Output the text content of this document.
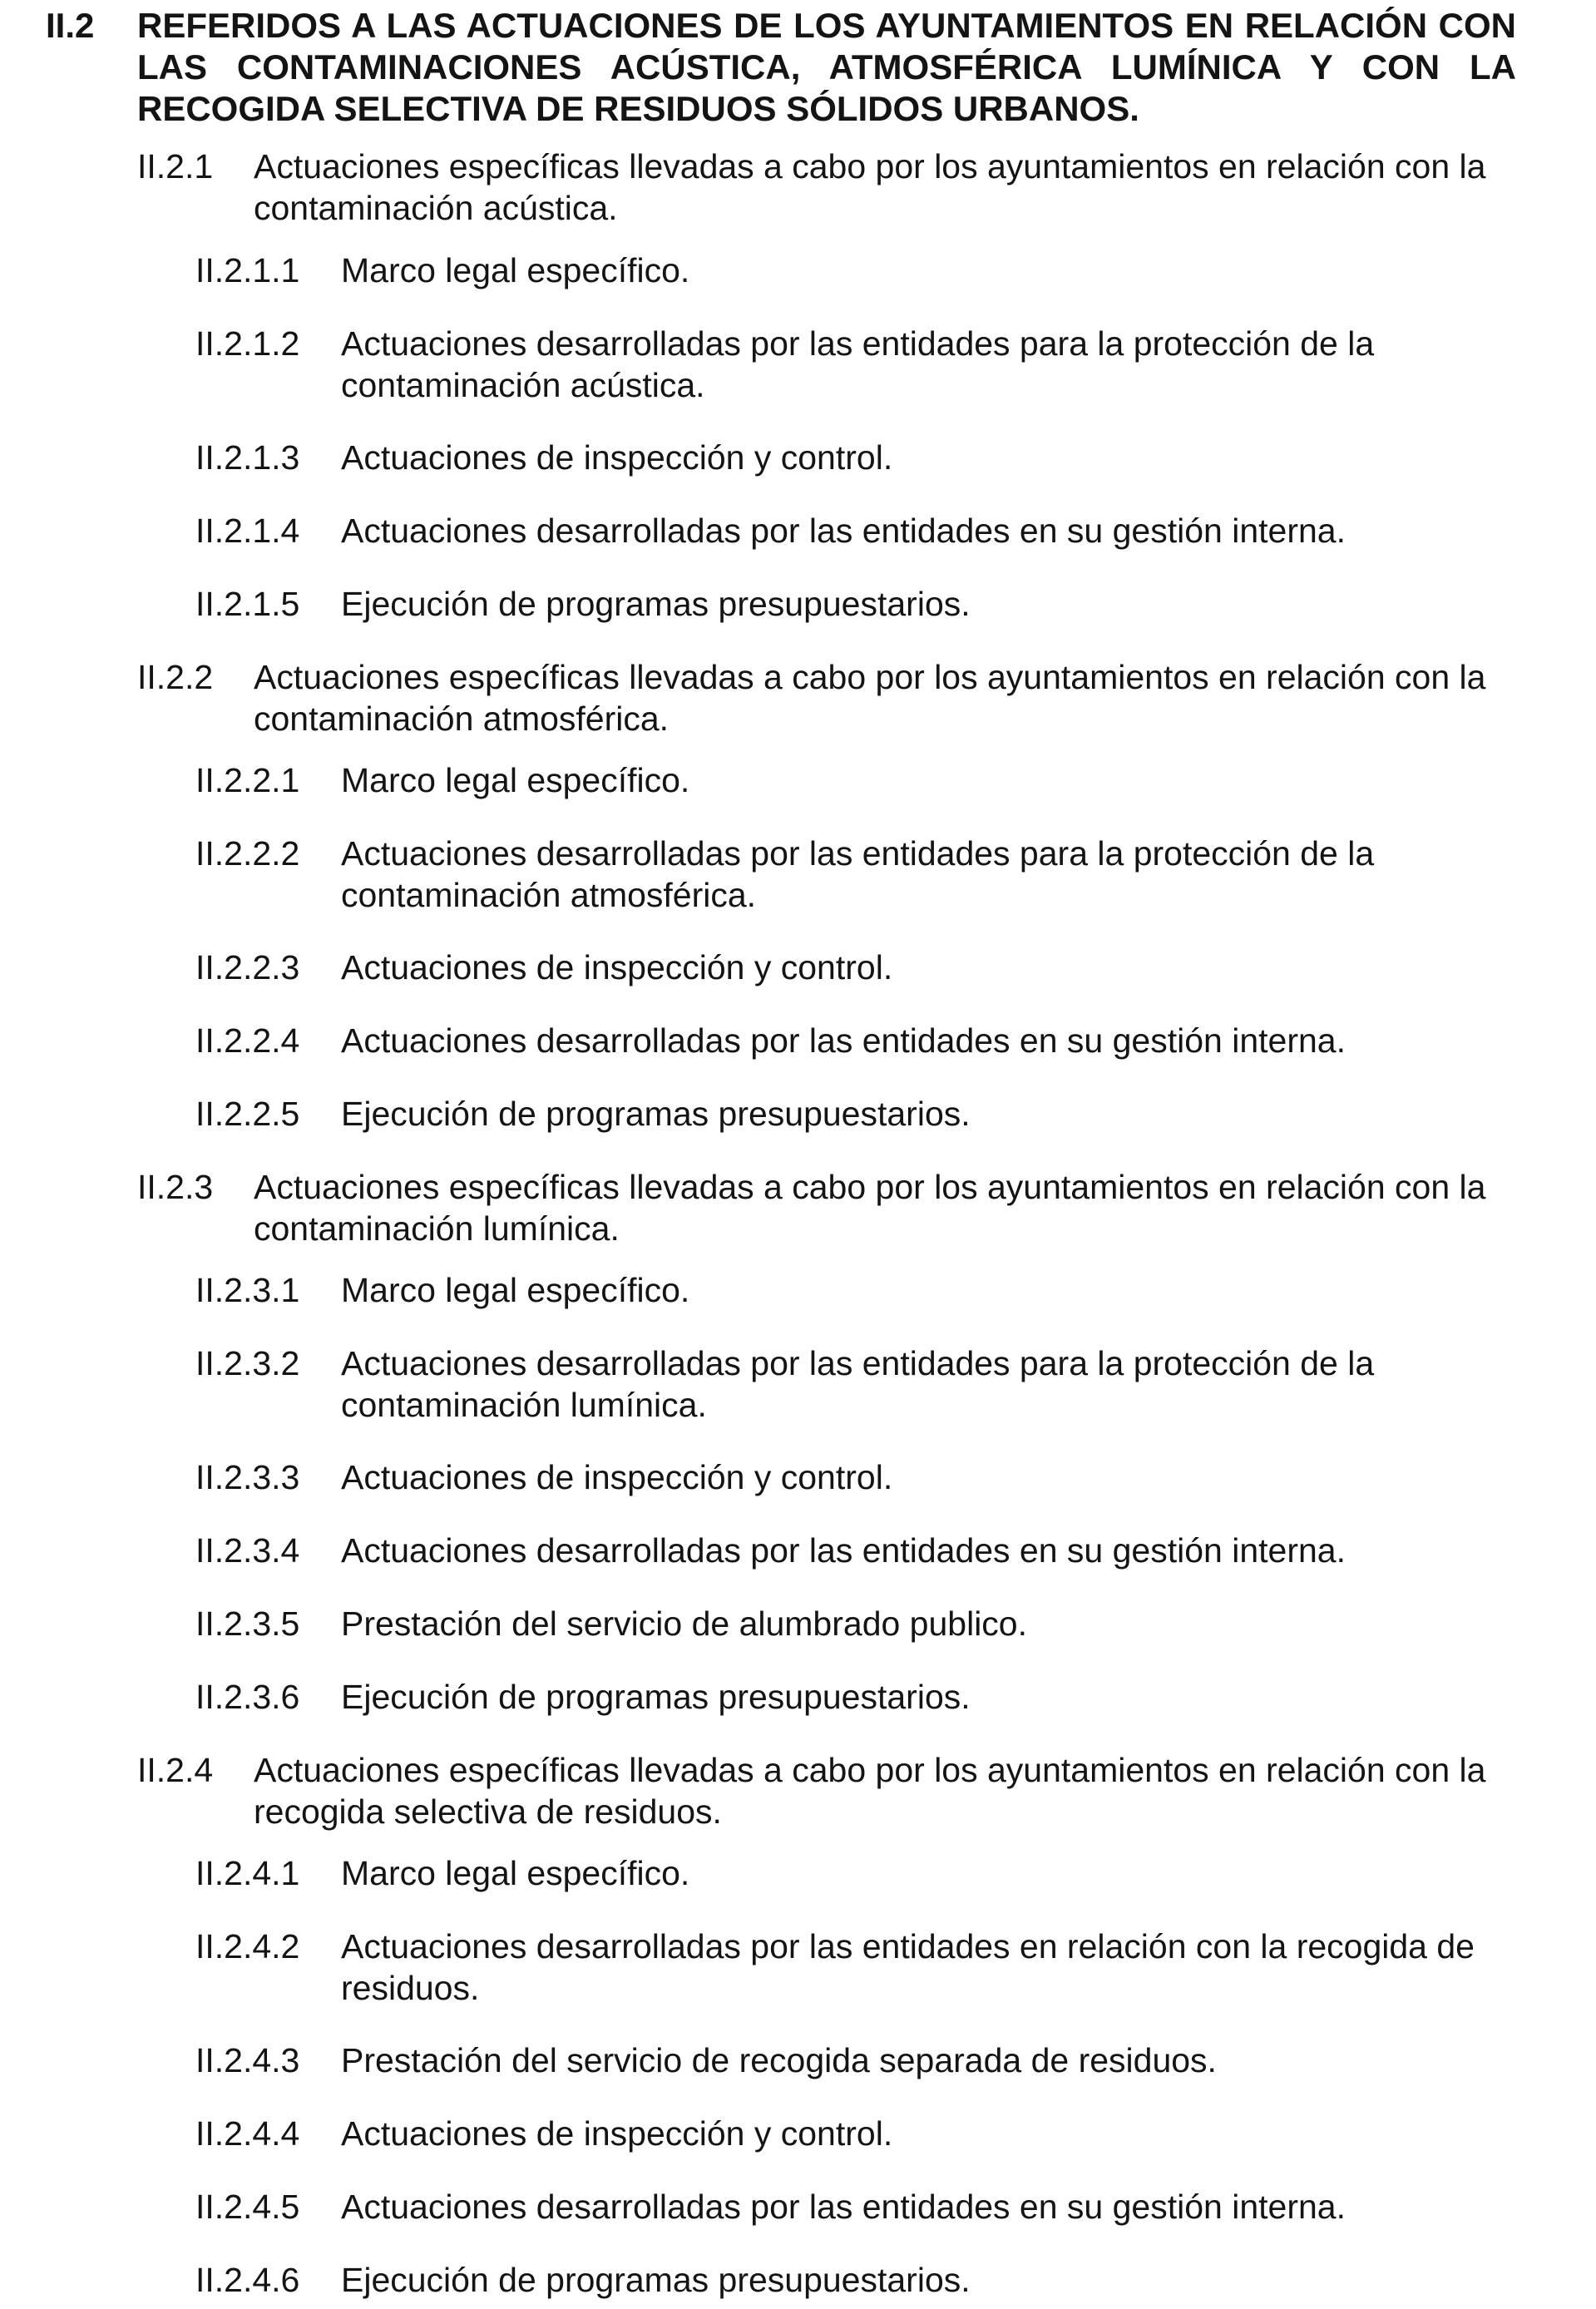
II.2 REFERIDOS A LAS ACTUACIONES DE LOS AYUNTAMIENTOS EN RELACIÓN CON LAS CONTAMINACIONES ACÚSTICA, ATMOSFÉRICA LUMÍNICA Y CON LA RECOGIDA SELECTIVA DE RESIDUOS SÓLIDOS URBANOS.
II.2.1 Actuaciones específicas llevadas a cabo por los ayuntamientos en relación con la contaminación acústica.
II.2.1.1 Marco legal específico.
II.2.1.2 Actuaciones desarrolladas por las entidades para la protección de la contaminación acústica.
II.2.1.3 Actuaciones de inspección y control.
II.2.1.4 Actuaciones desarrolladas por las entidades en su gestión interna.
II.2.1.5 Ejecución de programas presupuestarios.
II.2.2 Actuaciones específicas llevadas a cabo por los ayuntamientos en relación con la contaminación atmosférica.
II.2.2.1 Marco legal específico.
II.2.2.2 Actuaciones desarrolladas por las entidades para la protección de la contaminación atmosférica.
II.2.2.3 Actuaciones de inspección y control.
II.2.2.4 Actuaciones desarrolladas por las entidades en su gestión interna.
II.2.2.5 Ejecución de programas presupuestarios.
II.2.3 Actuaciones específicas llevadas a cabo por los ayuntamientos en relación con la contaminación lumínica.
II.2.3.1 Marco legal específico.
II.2.3.2 Actuaciones desarrolladas por las entidades para la protección de la contaminación lumínica.
II.2.3.3 Actuaciones de inspección y control.
II.2.3.4 Actuaciones desarrolladas por las entidades en su gestión interna.
II.2.3.5 Prestación del servicio de alumbrado publico.
II.2.3.6 Ejecución de programas presupuestarios.
II.2.4 Actuaciones específicas llevadas a cabo por los ayuntamientos en relación con la recogida selectiva de residuos.
II.2.4.1 Marco legal específico.
II.2.4.2 Actuaciones desarrolladas por las entidades en relación con la recogida de residuos.
II.2.4.3 Prestación del servicio de recogida separada de residuos.
II.2.4.4 Actuaciones de inspección y control.
II.2.4.5 Actuaciones desarrolladas por las entidades en su gestión interna.
II.2.4.6 Ejecución de programas presupuestarios.
